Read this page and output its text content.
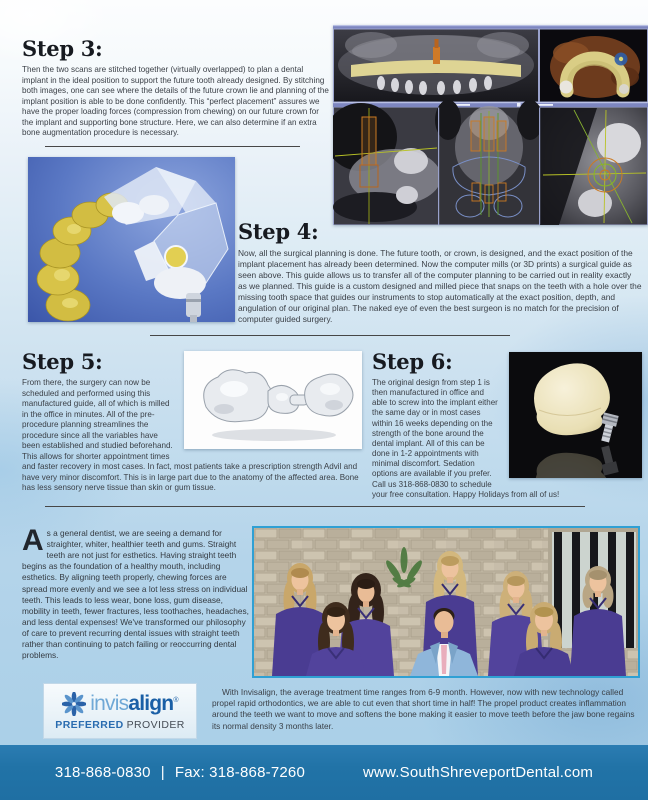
Step 3:

Then the two scans are stitched together (virtually overlapped) to plan a dental implant in the ideal position to support the future tooth already designed. By stitching both images, one can see where the details of the future crown lie and planning of the implant position is able to be done confidently. This “perfect placement” assures we have the proper loading forces (compression from chewing) on our future crown for the implant and supporting bone structure. Here, we can also determine if an extra bone augmentation procedure is necessary.

Step 4:

Now, all the surgical planning is done. The future tooth, or crown, is designed, and the exact position of the implant placement has already been determined. Now the computer mills (or 3D prints) a surgical guide as seen above. This guide allows us to transfer all of the computer planning to be carried out in reality exactly as we planned. This guide is a custom designed and milled piece that snaps on the teeth with a hole over the missing tooth space that guides our instruments to stop automatically at the exact position, depth, and angulation of our original plan. The naked eye of even the best surgeon is no match for the precision of computer guided surgery.

Step 5:

From there, the surgery can now be scheduled and performed using this manufactured guide, all of which is milled in the office in minutes. All of the pre-procedure planning streamlines the procedure since all the variables have been established and studied beforehand. This allows for shorter appointment times and faster recovery in most cases. In fact, most patients take a prescription strength Advil and have very minor discomfort. This is in large part due to the anatomy of the affected area. Bone has less sensory nerve tissue than skin or gum tissue.

Step 6:

The original design from step 1 is then manufactured in office and able to screw into the implant either the same day or in most cases within 16 weeks depending on the strength of the bone around the dental implant. All of this can be done in 1-2 appointments with minimal discomfort. Sedation options are available if you prefer. Call us 318-868-0830 to schedule your free consultation. Happy Holidays from all of us!

As a general dentist, we are seeing a demand for straighter, whiter, healthier teeth and gums. Straight teeth are not just for esthetics. Having straight teeth begins as the foundation of a healthy mouth, including esthetics. By aligning teeth properly, chewing forces are spread more evenly and we see a lot less stress on individual teeth. This leads to less wear, bone loss, gum disease, mobility in teeth, fewer fractures, less toothaches, headaches, and less dental expenses! We've transformed our philosophy of care to prevent recurring dental issues with straight teeth rather than continuing to patch failing or reoccurring dental problems.

invisalign®
PREFERRED PROVIDER

With Invisalign, the average treatment time ranges from 6-9 month. However, now with new technology called propel rapid orthodontics, we are able to cut even that short time in half! The propel product creates inflammation around the teeth we want to move and softens the bone making it easier to move teeth before the jaw bone regains its normal density 3 months later.

318-868-0830 | Fax: 318-868-7260	www.SouthShreveportDental.com
